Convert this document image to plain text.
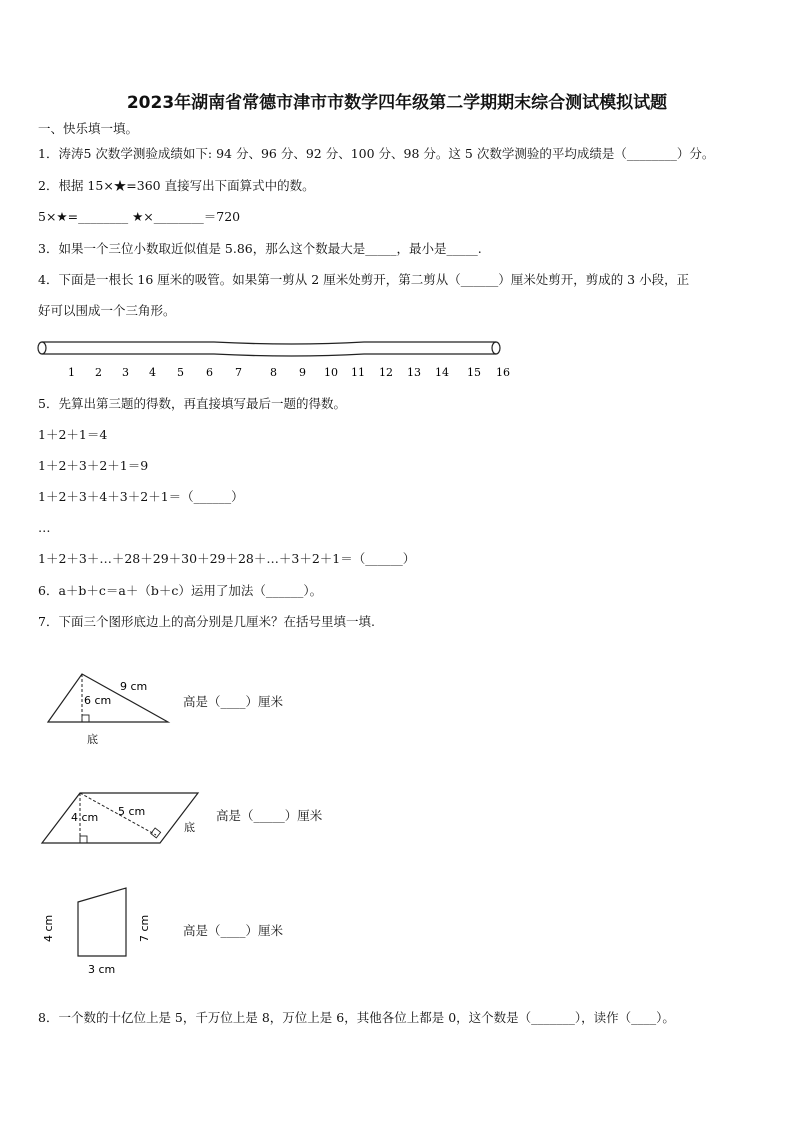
2023年湖南省常德市津市市数学四年级第二学期期末综合测试模拟试题
一、快乐填一填。
1．涛涛5 次数学测验成绩如下: 94 分、96 分、92 分、100 分、98 分。这 5 次数学测验的平均成绩是（________）分。
2．根据 15×★=360 直接写出下面算式中的数。
5×★=________ ★×________＝720
3．如果一个三位小数取近似值是 5.86，那么这个数最大是_____，最小是_____.
4．下面是一根长 16 厘米的吸管。如果第一剪从 2 厘米处剪开，第二剪从（______）厘米处剪开，剪成的 3 小段，正
好可以围成一个三角形。
1 2 3 4 5 6 7	8 9 10 11 12 13 14 15 16
5．先算出第三题的得数，再直接填写最后一题的得数。
1＋2＋1＝4
1＋2＋3＋2＋1＝9
1＋2＋3＋4＋3＋2＋1＝（______）
…
1＋2＋3＋…＋28＋29＋30＋29＋28＋…＋3＋2＋1＝（______）
6．a＋b＋c＝a＋（b＋c）运用了加法（______）。
7．下面三个图形底边上的高分别是几厘米？在括号里填一填.
9 cm
6 cm
底
高是（____）厘米
4 cm 5 cm
底
高是（_____）厘米
4 cm	7 cm
3 cm
高是（____）厘米
8．一个数的十亿位上是 5，千万位上是 8，万位上是 6，其他各位上都是 0，这个数是（_______），读作（____）。
